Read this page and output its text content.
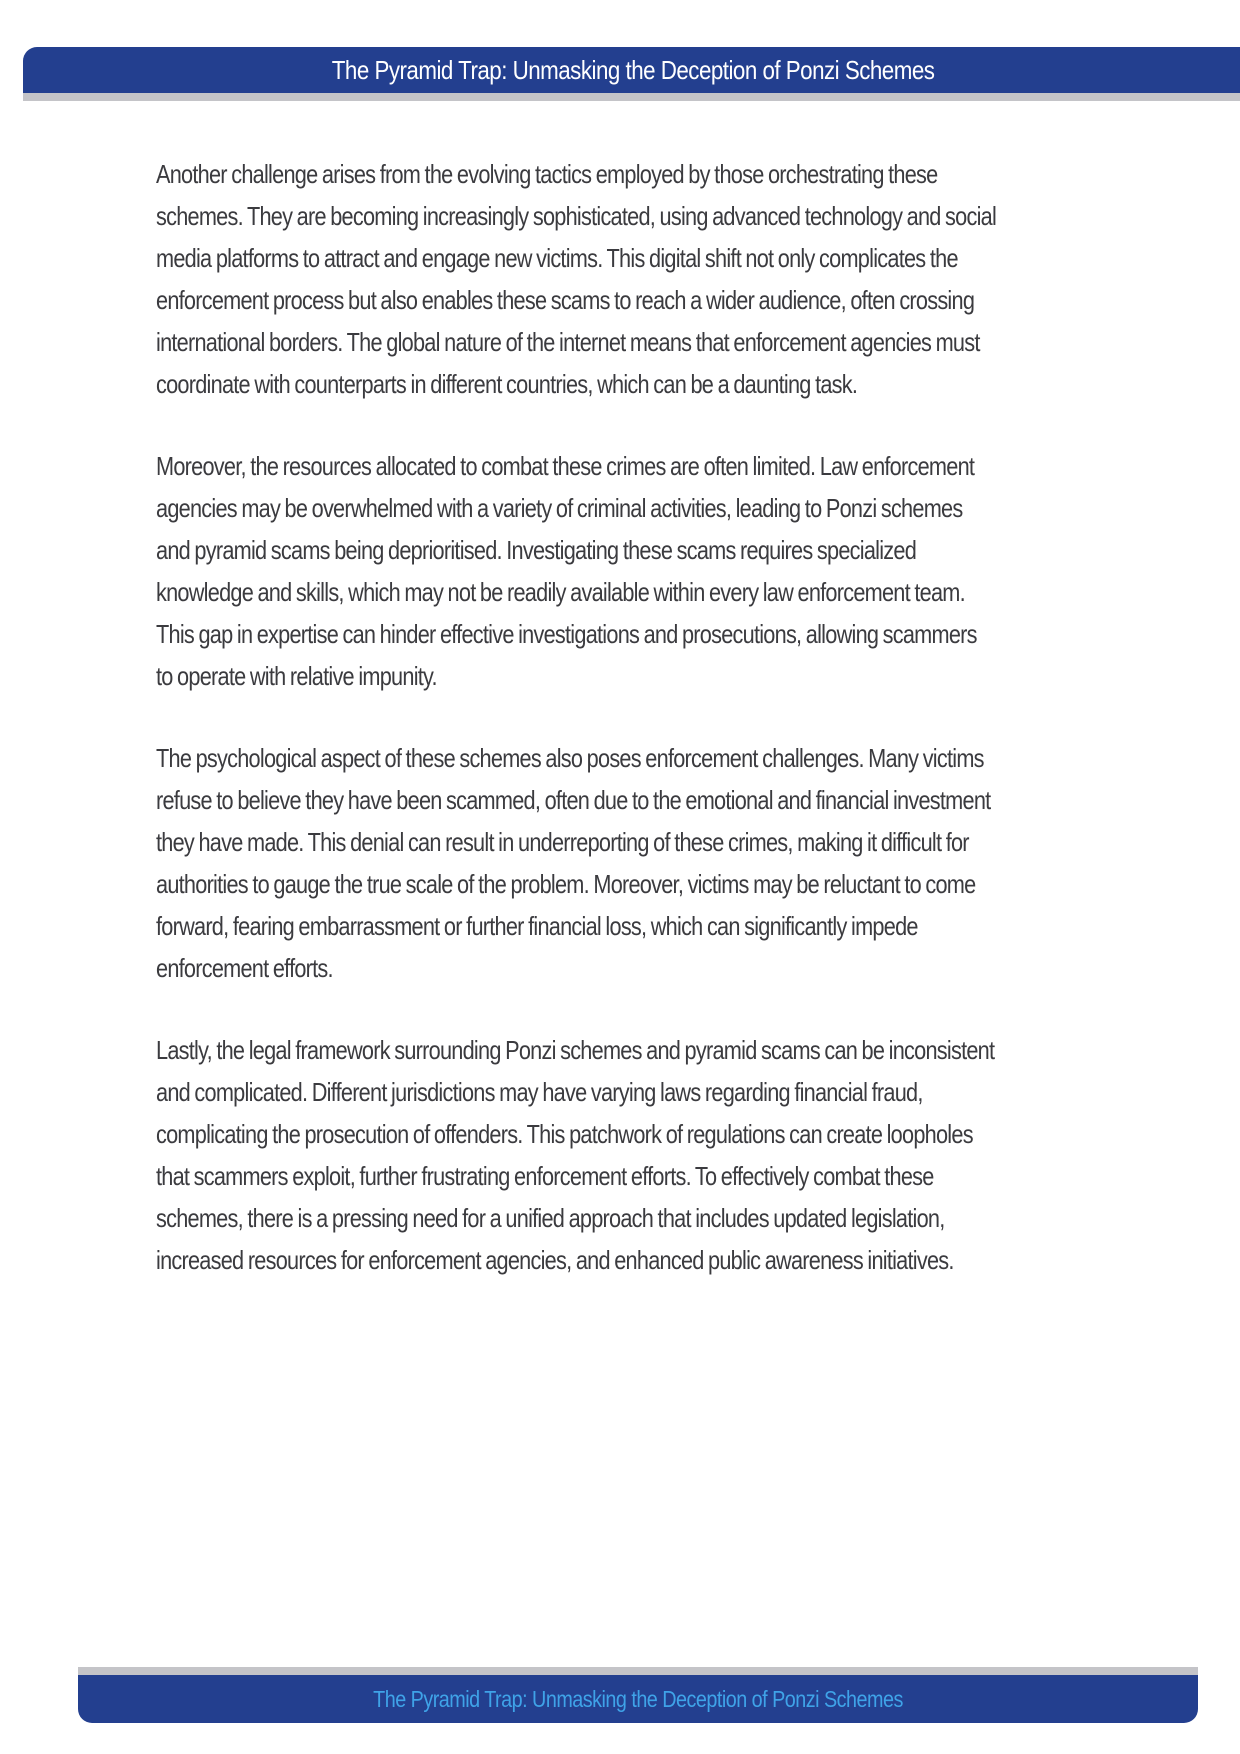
The Pyramid Trap: Unmasking the Deception of Ponzi Schemes

Another challenge arises from the evolving tactics employed by those orchestrating these
schemes. They are becoming increasingly sophisticated, using advanced technology and social
media platforms to attract and engage new victims. This digital shift not only complicates the
enforcement process but also enables these scams to reach a wider audience, often crossing
international borders. The global nature of the internet means that enforcement agencies must
coordinate with counterparts in different countries, which can be a daunting task.

Moreover, the resources allocated to combat these crimes are often limited. Law enforcement
agencies may be overwhelmed with a variety of criminal activities, leading to Ponzi schemes
and pyramid scams being deprioritised. Investigating these scams requires specialized
knowledge and skills, which may not be readily available within every law enforcement team.
This gap in expertise can hinder effective investigations and prosecutions, allowing scammers
to operate with relative impunity.

The psychological aspect of these schemes also poses enforcement challenges. Many victims
refuse to believe they have been scammed, often due to the emotional and financial investment
they have made. This denial can result in underreporting of these crimes, making it difficult for
authorities to gauge the true scale of the problem. Moreover, victims may be reluctant to come
forward, fearing embarrassment or further financial loss, which can significantly impede
enforcement efforts.

Lastly, the legal framework surrounding Ponzi schemes and pyramid scams can be inconsistent
and complicated. Different jurisdictions may have varying laws regarding financial fraud,
complicating the prosecution of offenders. This patchwork of regulations can create loopholes
that scammers exploit, further frustrating enforcement efforts. To effectively combat these
schemes, there is a pressing need for a unified approach that includes updated legislation,
increased resources for enforcement agencies, and enhanced public awareness initiatives.

The Pyramid Trap: Unmasking the Deception of Ponzi Schemes
